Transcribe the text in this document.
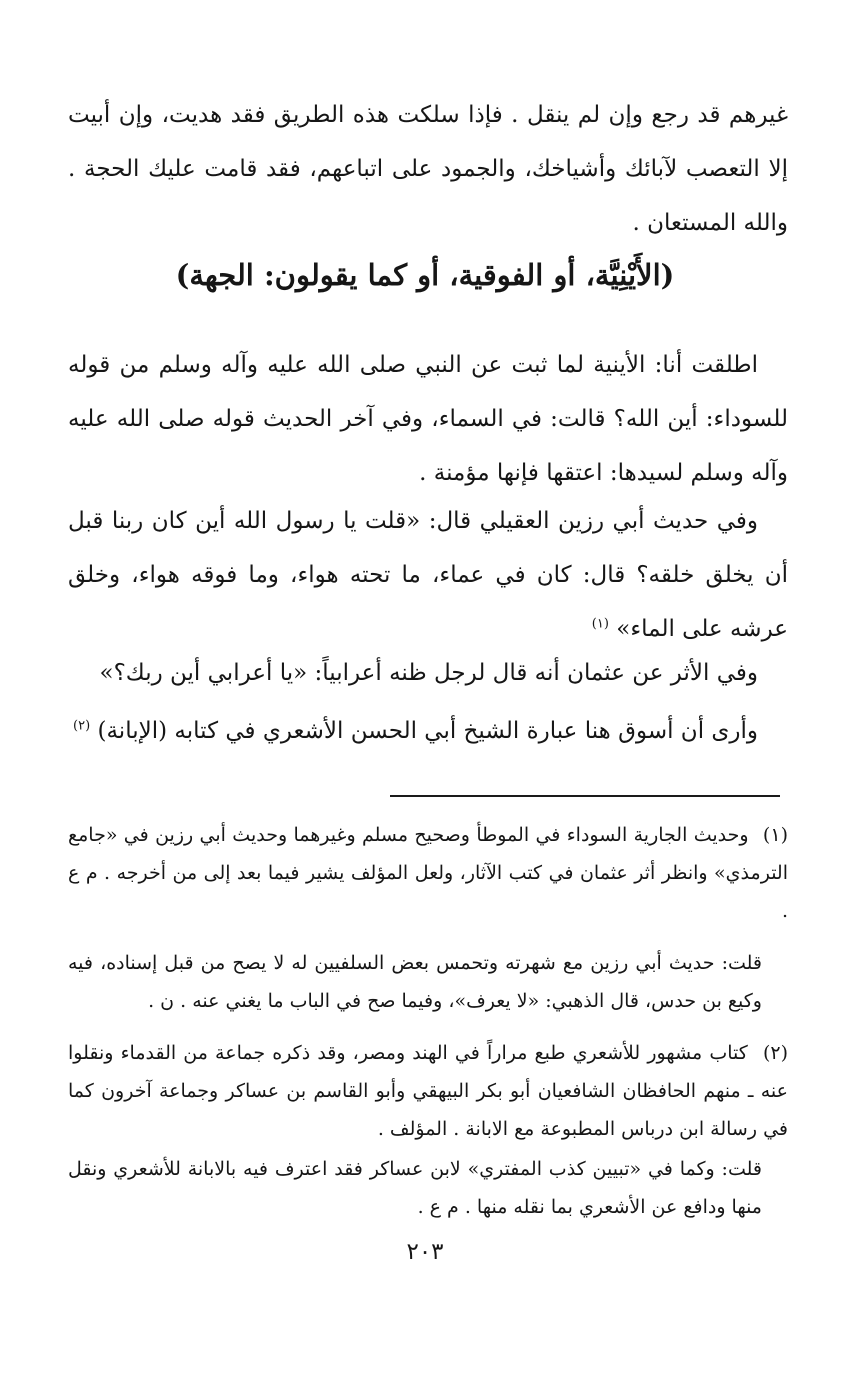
غيرهم قد رجع وإن لم ينقل . فإذا سلكت هذه الطريق فقد هديت، وإن أبيت إلا التعصب لآبائك وأشياخك، والجمود على اتباعهم، فقد قامت عليك الحجة . والله المستعان .

(الأَيْنِيَّة، أو الفوقية، أو كما يقولون: الجهة)

اطلقت أنا: الأينية لما ثبت عن النبي صلى الله عليه وآله وسلم من قوله للسوداء: أين الله؟ قالت: في السماء، وفي آخر الحديث قوله صلى الله عليه وآله وسلم لسيدها: اعتقها فإنها مؤمنة .

وفي حديث أبي رزين العقيلي قال: «قلت يا رسول الله أين كان ربنا قبل أن يخلق خلقه؟ قال: كان في عماء، ما تحته هواء، وما فوقه هواء، وخلق عرشه على الماء» $^{(١)}$

وفي الأثر عن عثمان أنه قال لرجل ظنه أعرابياً: «يا أعرابي أين ربك؟»

وأرى أن أسوق هنا عبارة الشيخ أبي الحسن الأشعري في كتابه (الإبانة) $^{(٢)}$

(١) وحديث الجارية السوداء في الموطأ وصحيح مسلم وغيرهما وحديث أبي رزين في «جامع الترمذي» وانظر أثر عثمان في كتب الآثار، ولعل المؤلف يشير فيما بعد إلى من أخرجه . م ع .

قلت: حديث أبي رزين مع شهرته وتحمس بعض السلفيين له لا يصح من قبل إسناده، فيه وكيع بن حدس، قال الذهبي: «لا يعرف»، وفيما صح في الباب ما يغني عنه . ن .

(٢) كتاب مشهور للأشعري طبع مراراً في الهند ومصر، وقد ذكره جماعة من القدماء ونقلوا عنه ـ منهم الحافظان الشافعيان أبو بكر البيهقي وأبو القاسم بن عساكر وجماعة آخرون كما في رسالة ابن درباس المطبوعة مع الابانة . المؤلف .

قلت: وكما في «تبيين كذب المفتري» لابن عساكر فقد اعترف فيه بالابانة للأشعري ونقل منها ودافع عن الأشعري بما نقله منها . م ع .

٢٠٣
